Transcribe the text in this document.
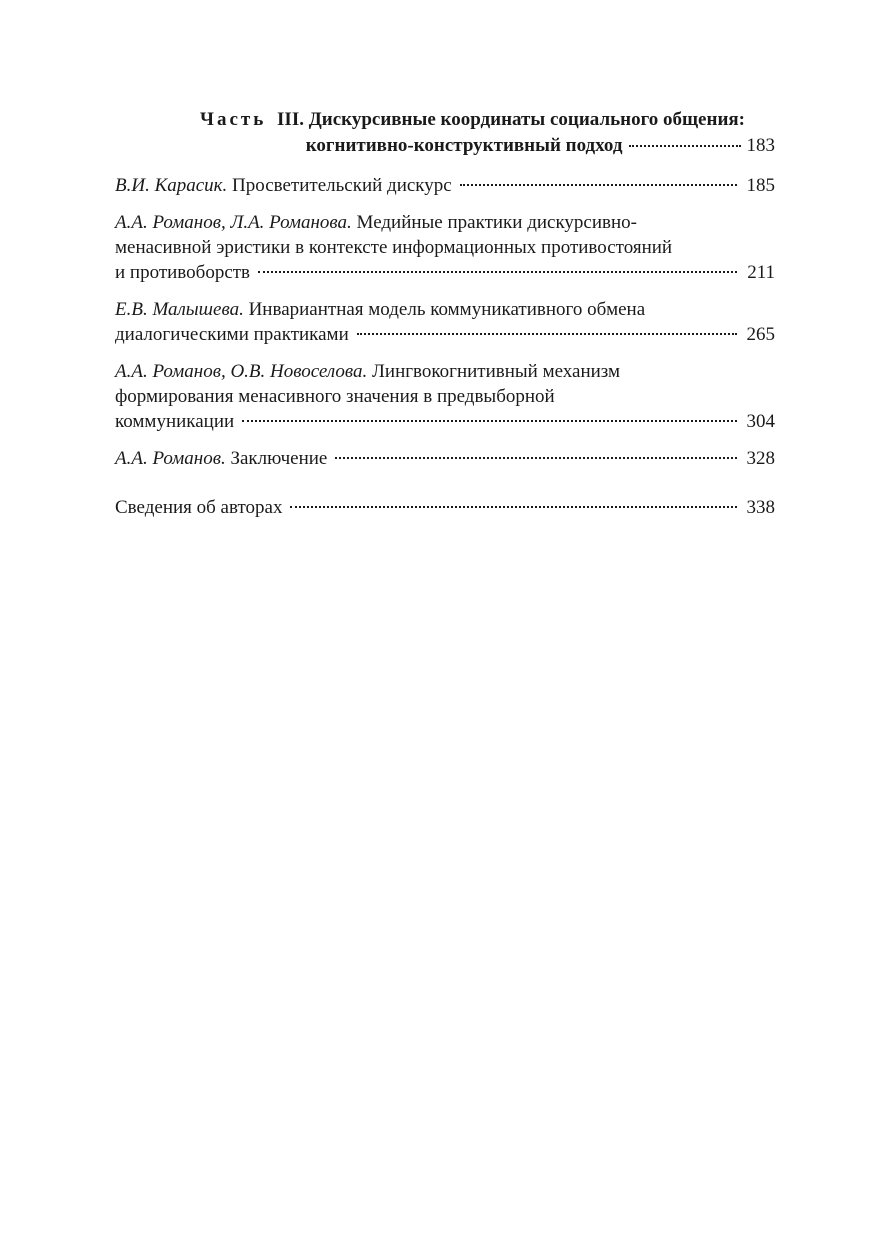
Часть III. Дискурсивные координаты социального общения:
когнитивно-конструктивный подход	183
В.И. Карасик. Просветительский дискурс	185
А.А. Романов, Л.А. Романова. Медийные практики дискурсивно-
менасивной эристики в контексте информационных противостояний
и противоборств	211
Е.В. Малышева. Инвариантная модель коммуникативного обмена
диалогическими практиками	265
А.А. Романов, О.В. Новоселова. Лингвокогнитивный механизм
формирования менасивного значения в предвыборной
коммуникации	304
А.А. Романов. Заключение	328
Сведения об авторах	338
